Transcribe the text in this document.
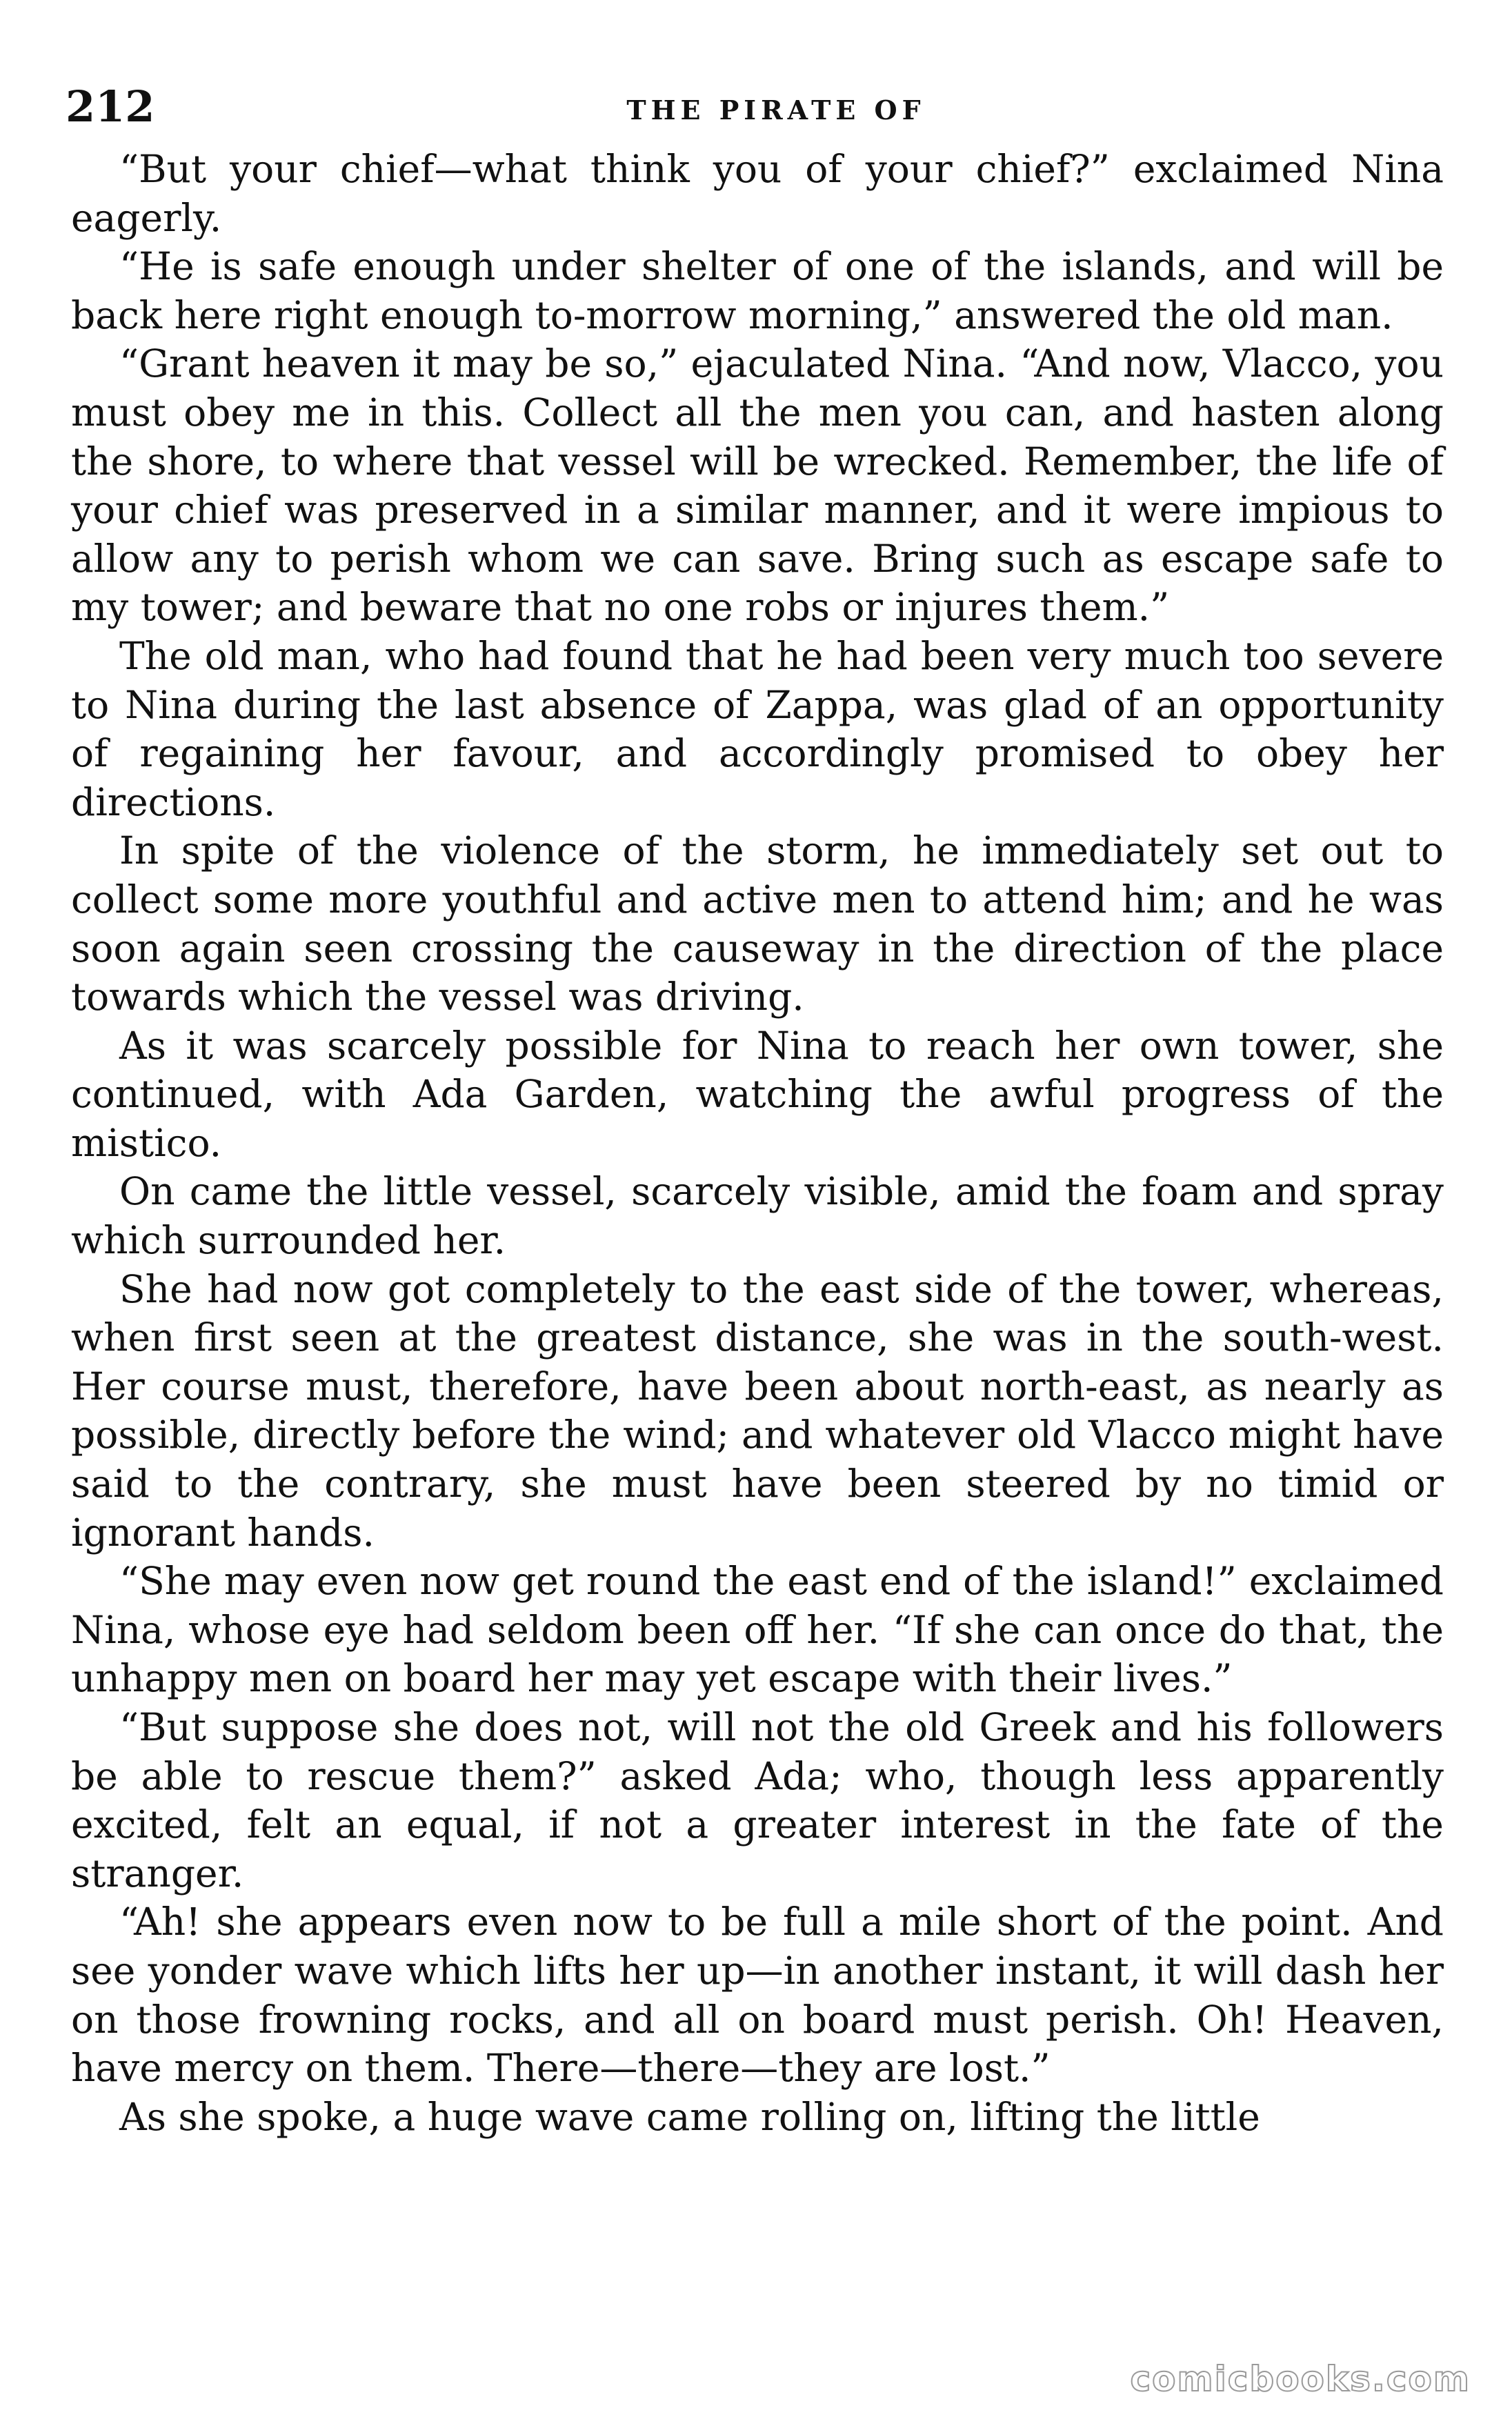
212	THE PIRATE OF

“But your chief—what think you of your chief?” exclaimed Nina eagerly.

“He is safe enough under shelter of one of the islands, and will be back here right enough to-morrow morning,” answered the old man.

“Grant heaven it may be so,” ejaculated Nina. “And now, Vlacco, you must obey me in this. Collect all the men you can, and hasten along the shore, to where that vessel will be wrecked. Remember, the life of your chief was preserved in a similar manner, and it were impious to allow any to perish whom we can save. Bring such as escape safe to my tower; and beware that no one robs or injures them.”

The old man, who had found that he had been very much too severe to Nina during the last absence of Zappa, was glad of an opportunity of regaining her favour, and accordingly promised to obey her directions.

In spite of the violence of the storm, he immediately set out to collect some more youthful and active men to attend him; and he was soon again seen crossing the causeway in the direction of the place towards which the vessel was driving.

As it was scarcely possible for Nina to reach her own tower, she continued, with Ada Garden, watching the awful progress of the mistico.

On came the little vessel, scarcely visible, amid the foam and spray which surrounded her.

She had now got completely to the east side of the tower, whereas, when first seen at the greatest distance, she was in the south-west. Her course must, therefore, have been about north-east, as nearly as possible, directly before the wind; and whatever old Vlacco might have said to the contrary, she must have been steered by no timid or ignorant hands.

“She may even now get round the east end of the island!” exclaimed Nina, whose eye had seldom been off her. “If she can once do that, the unhappy men on board her may yet escape with their lives.”

“But suppose she does not, will not the old Greek and his followers be able to rescue them?” asked Ada; who, though less apparently excited, felt an equal, if not a greater interest in the fate of the stranger.

“Ah! she appears even now to be full a mile short of the point. And see yonder wave which lifts her up—in another instant, it will dash her on those frowning rocks, and all on board must perish. Oh! Heaven, have mercy on them. There—there—they are lost.”

As she spoke, a huge wave came rolling on, lifting the little

comicbooks.com
